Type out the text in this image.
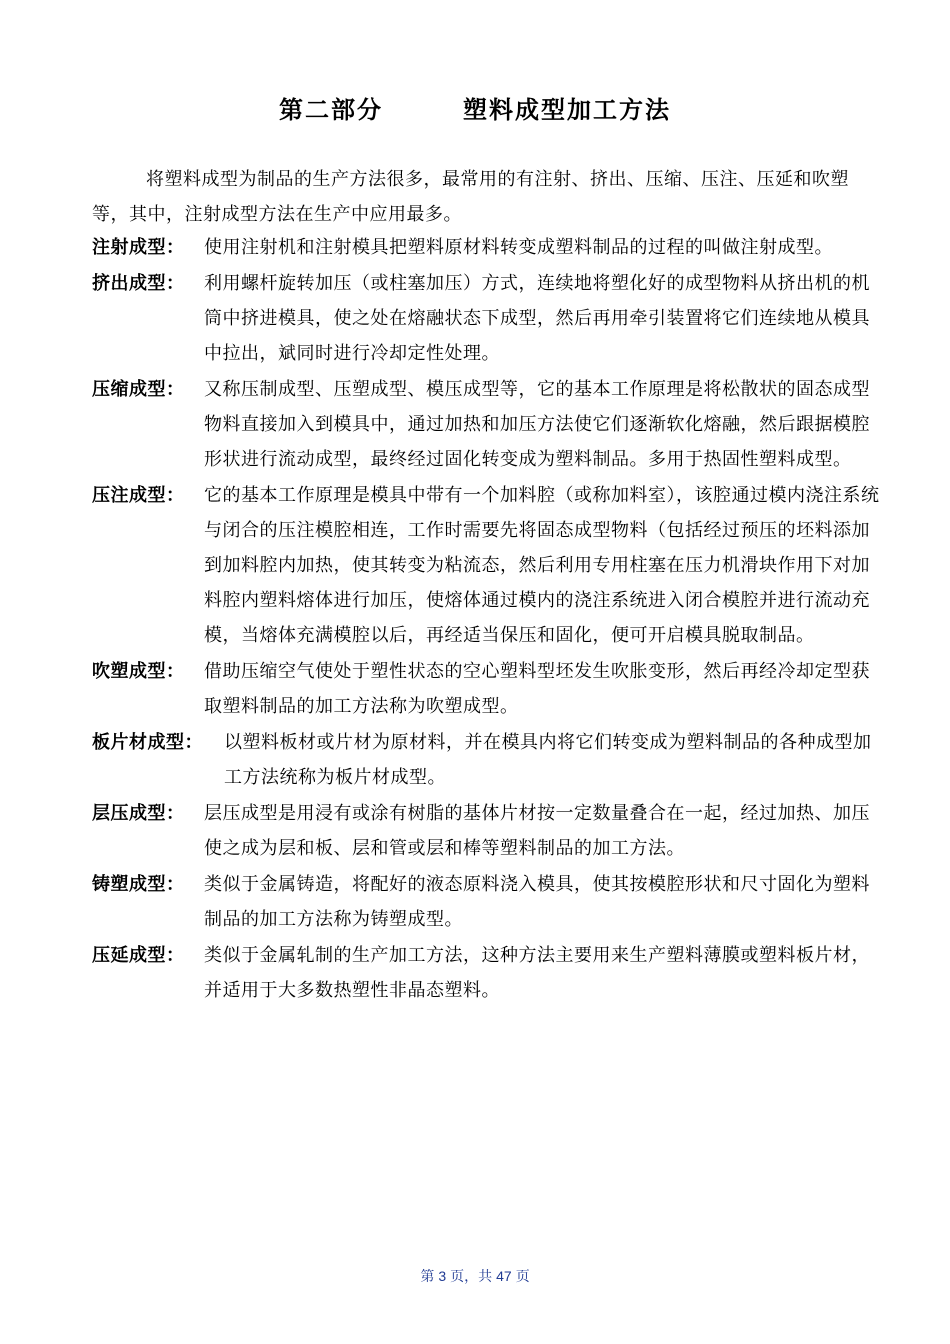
第二部分	塑料成型加工方法
将塑料成型为制品的生产方法很多，最常用的有注射、挤出、压缩、压注、压延和吹塑等，其中，注射成型方法在生产中应用最多。
注射成型：	使用注射机和注射模具把塑料原材料转变成塑料制品的过程的叫做注射成型。
挤出成型：	利用螺杆旋转加压（或柱塞加压）方式，连续地将塑化好的成型物料从挤出机的机筒中挤进模具，使之处在熔融状态下成型，然后再用牵引装置将它们连续地从模具中拉出，斌同时进行冷却定性处理。
压缩成型：	又称压制成型、压塑成型、模压成型等，它的基本工作原理是将松散状的固态成型物料直接加入到模具中，通过加热和加压方法使它们逐渐软化熔融，然后跟据模腔形状进行流动成型，最终经过固化转变成为塑料制品。多用于热固性塑料成型。
压注成型：	它的基本工作原理是模具中带有一个加料腔（或称加料室），该腔通过模内浇注系统与闭合的压注模腔相连，工作时需要先将固态成型物料（包括经过预压的坯料添加到加料腔内加热，使其转变为粘流态，然后利用专用柱塞在压力机滑块作用下对加料腔内塑料熔体进行加压，使熔体通过模内的浇注系统进入闭合模腔并进行流动充模，当熔体充满模腔以后，再经适当保压和固化，便可开启模具脱取制品。
吹塑成型：	借助压缩空气使处于塑性状态的空心塑料型坯发生吹胀变形，然后再经冷却定型获取塑料制品的加工方法称为吹塑成型。
板片材成型：	以塑料板材或片材为原材料，并在模具内将它们转变成为塑料制品的各种成型加工方法统称为板片材成型。
层压成型：	层压成型是用浸有或涂有树脂的基体片材按一定数量叠合在一起，经过加热、加压使之成为层和板、层和管或层和棒等塑料制品的加工方法。
铸塑成型：	类似于金属铸造，将配好的液态原料浇入模具，使其按模腔形状和尺寸固化为塑料制品的加工方法称为铸塑成型。
压延成型：	类似于金属轧制的生产加工方法，这种方法主要用来生产塑料薄膜或塑料板片材，并适用于大多数热塑性非晶态塑料。
第 3 页，共 47 页
